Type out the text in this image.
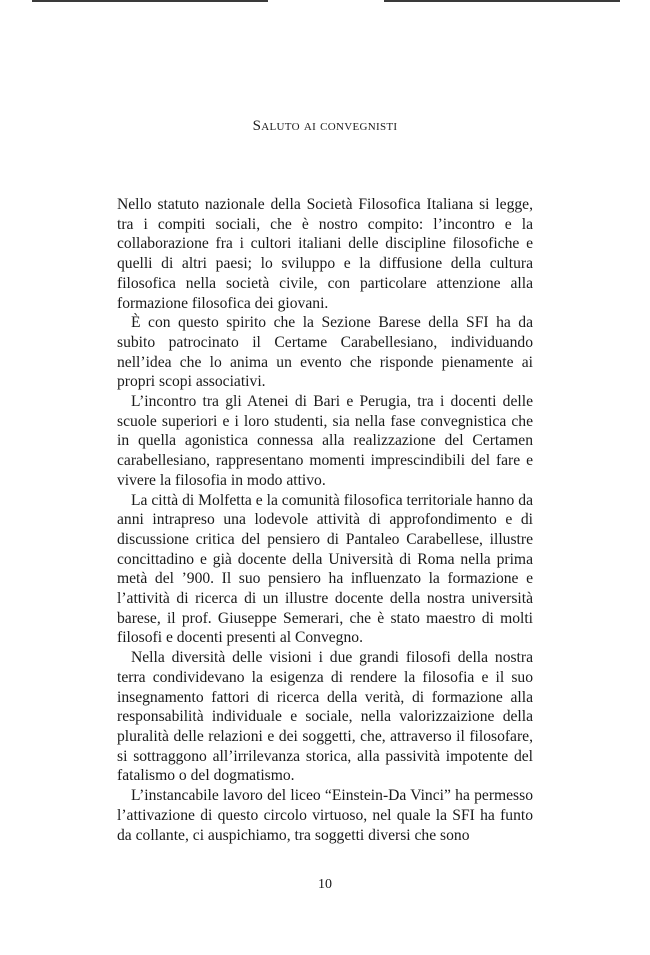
Saluto ai convegnisti

Nello statuto nazionale della Società Filosofica Italiana si legge, tra i compiti sociali, che è nostro compito: l’incontro e la collaborazione fra i cultori italiani delle discipline filosofiche e quelli di altri paesi; lo sviluppo e la diffusione della cultura filosofica nella società civile, con particolare attenzione alla formazione filosofica dei giovani.

È con questo spirito che la Sezione Barese della SFI ha da subito patrocinato il Certame Carabellesiano, individuando nell’idea che lo anima un evento che risponde pienamente ai propri scopi associativi.

L’incontro tra gli Atenei di Bari e Perugia, tra i docenti delle scuole superiori e i loro studenti, sia nella fase convegnistica che in quella agonistica connessa alla realizzazione del Certamen carabellesiano, rappresentano momenti imprescindibili del fare e vivere la filosofia in modo attivo.

La città di Molfetta e la comunità filosofica territoriale hanno da anni intrapreso una lodevole attività di approfondimento e di discussione critica del pensiero di Pantaleo Carabellese, illustre concittadino e già docente della Università di Roma nella prima metà del ’900. Il suo pensiero ha influenzato la formazione e l’attività di ricerca di un illustre docente della nostra università barese, il prof. Giuseppe Semerari, che è stato maestro di molti filosofi e docenti presenti al Convegno.

Nella diversità delle visioni i due grandi filosofi della nostra terra condividevano la esigenza di rendere la filosofia e il suo insegnamento fattori di ricerca della verità, di formazione alla responsabilità individuale e sociale, nella valorizzaizione della pluralità delle relazioni e dei soggetti, che, attraverso il filosofare, si sottraggono all’irrilevanza storica, alla passività impotente del fatalismo o del dogmatismo.

L’instancabile lavoro del liceo “Einstein-Da Vinci” ha permesso l’attivazione di questo circolo virtuoso, nel quale la SFI ha funto da collante, ci auspichiamo, tra soggetti diversi che sono

10
